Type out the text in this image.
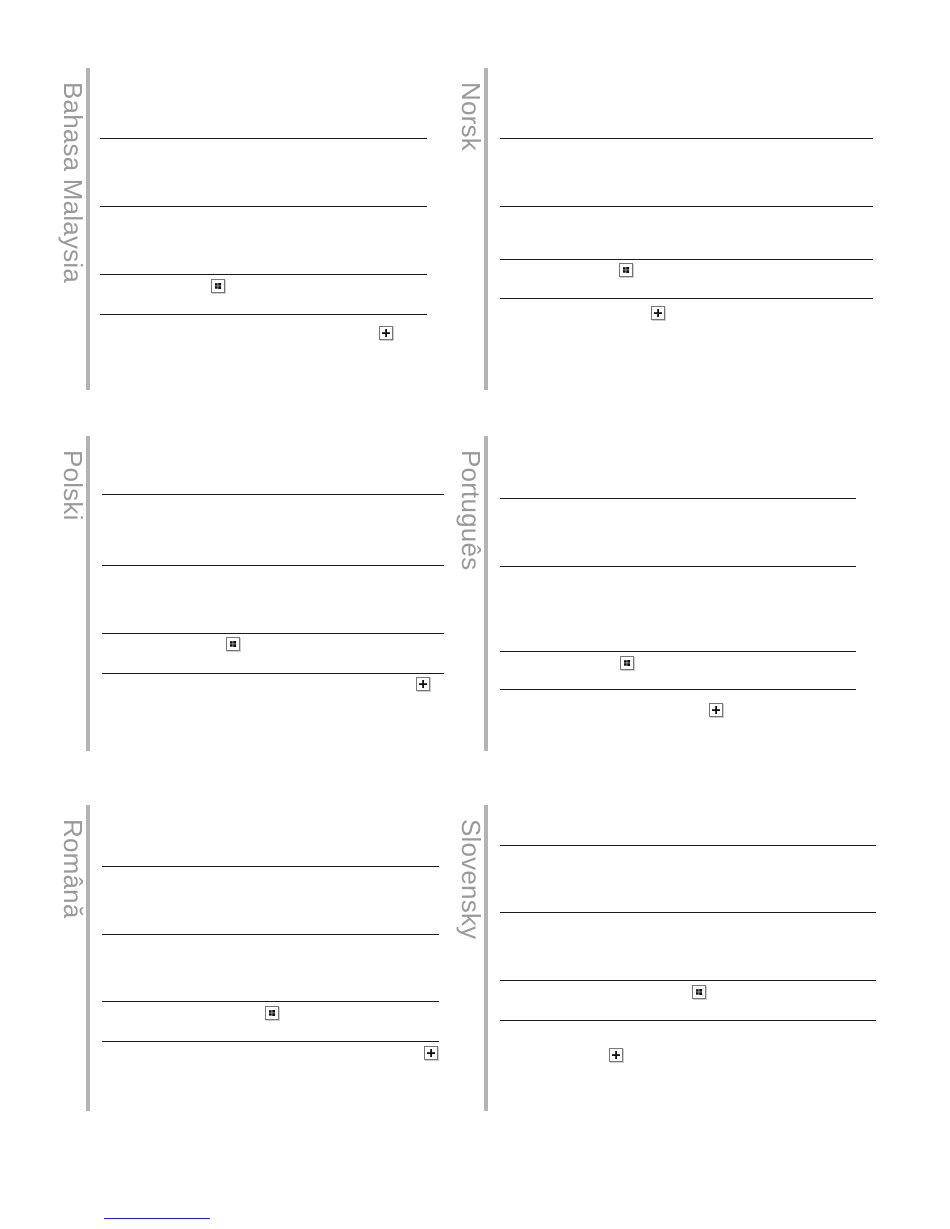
Bahasa Malaysia	Norsk
Polski	Português
Română	Slovensky
